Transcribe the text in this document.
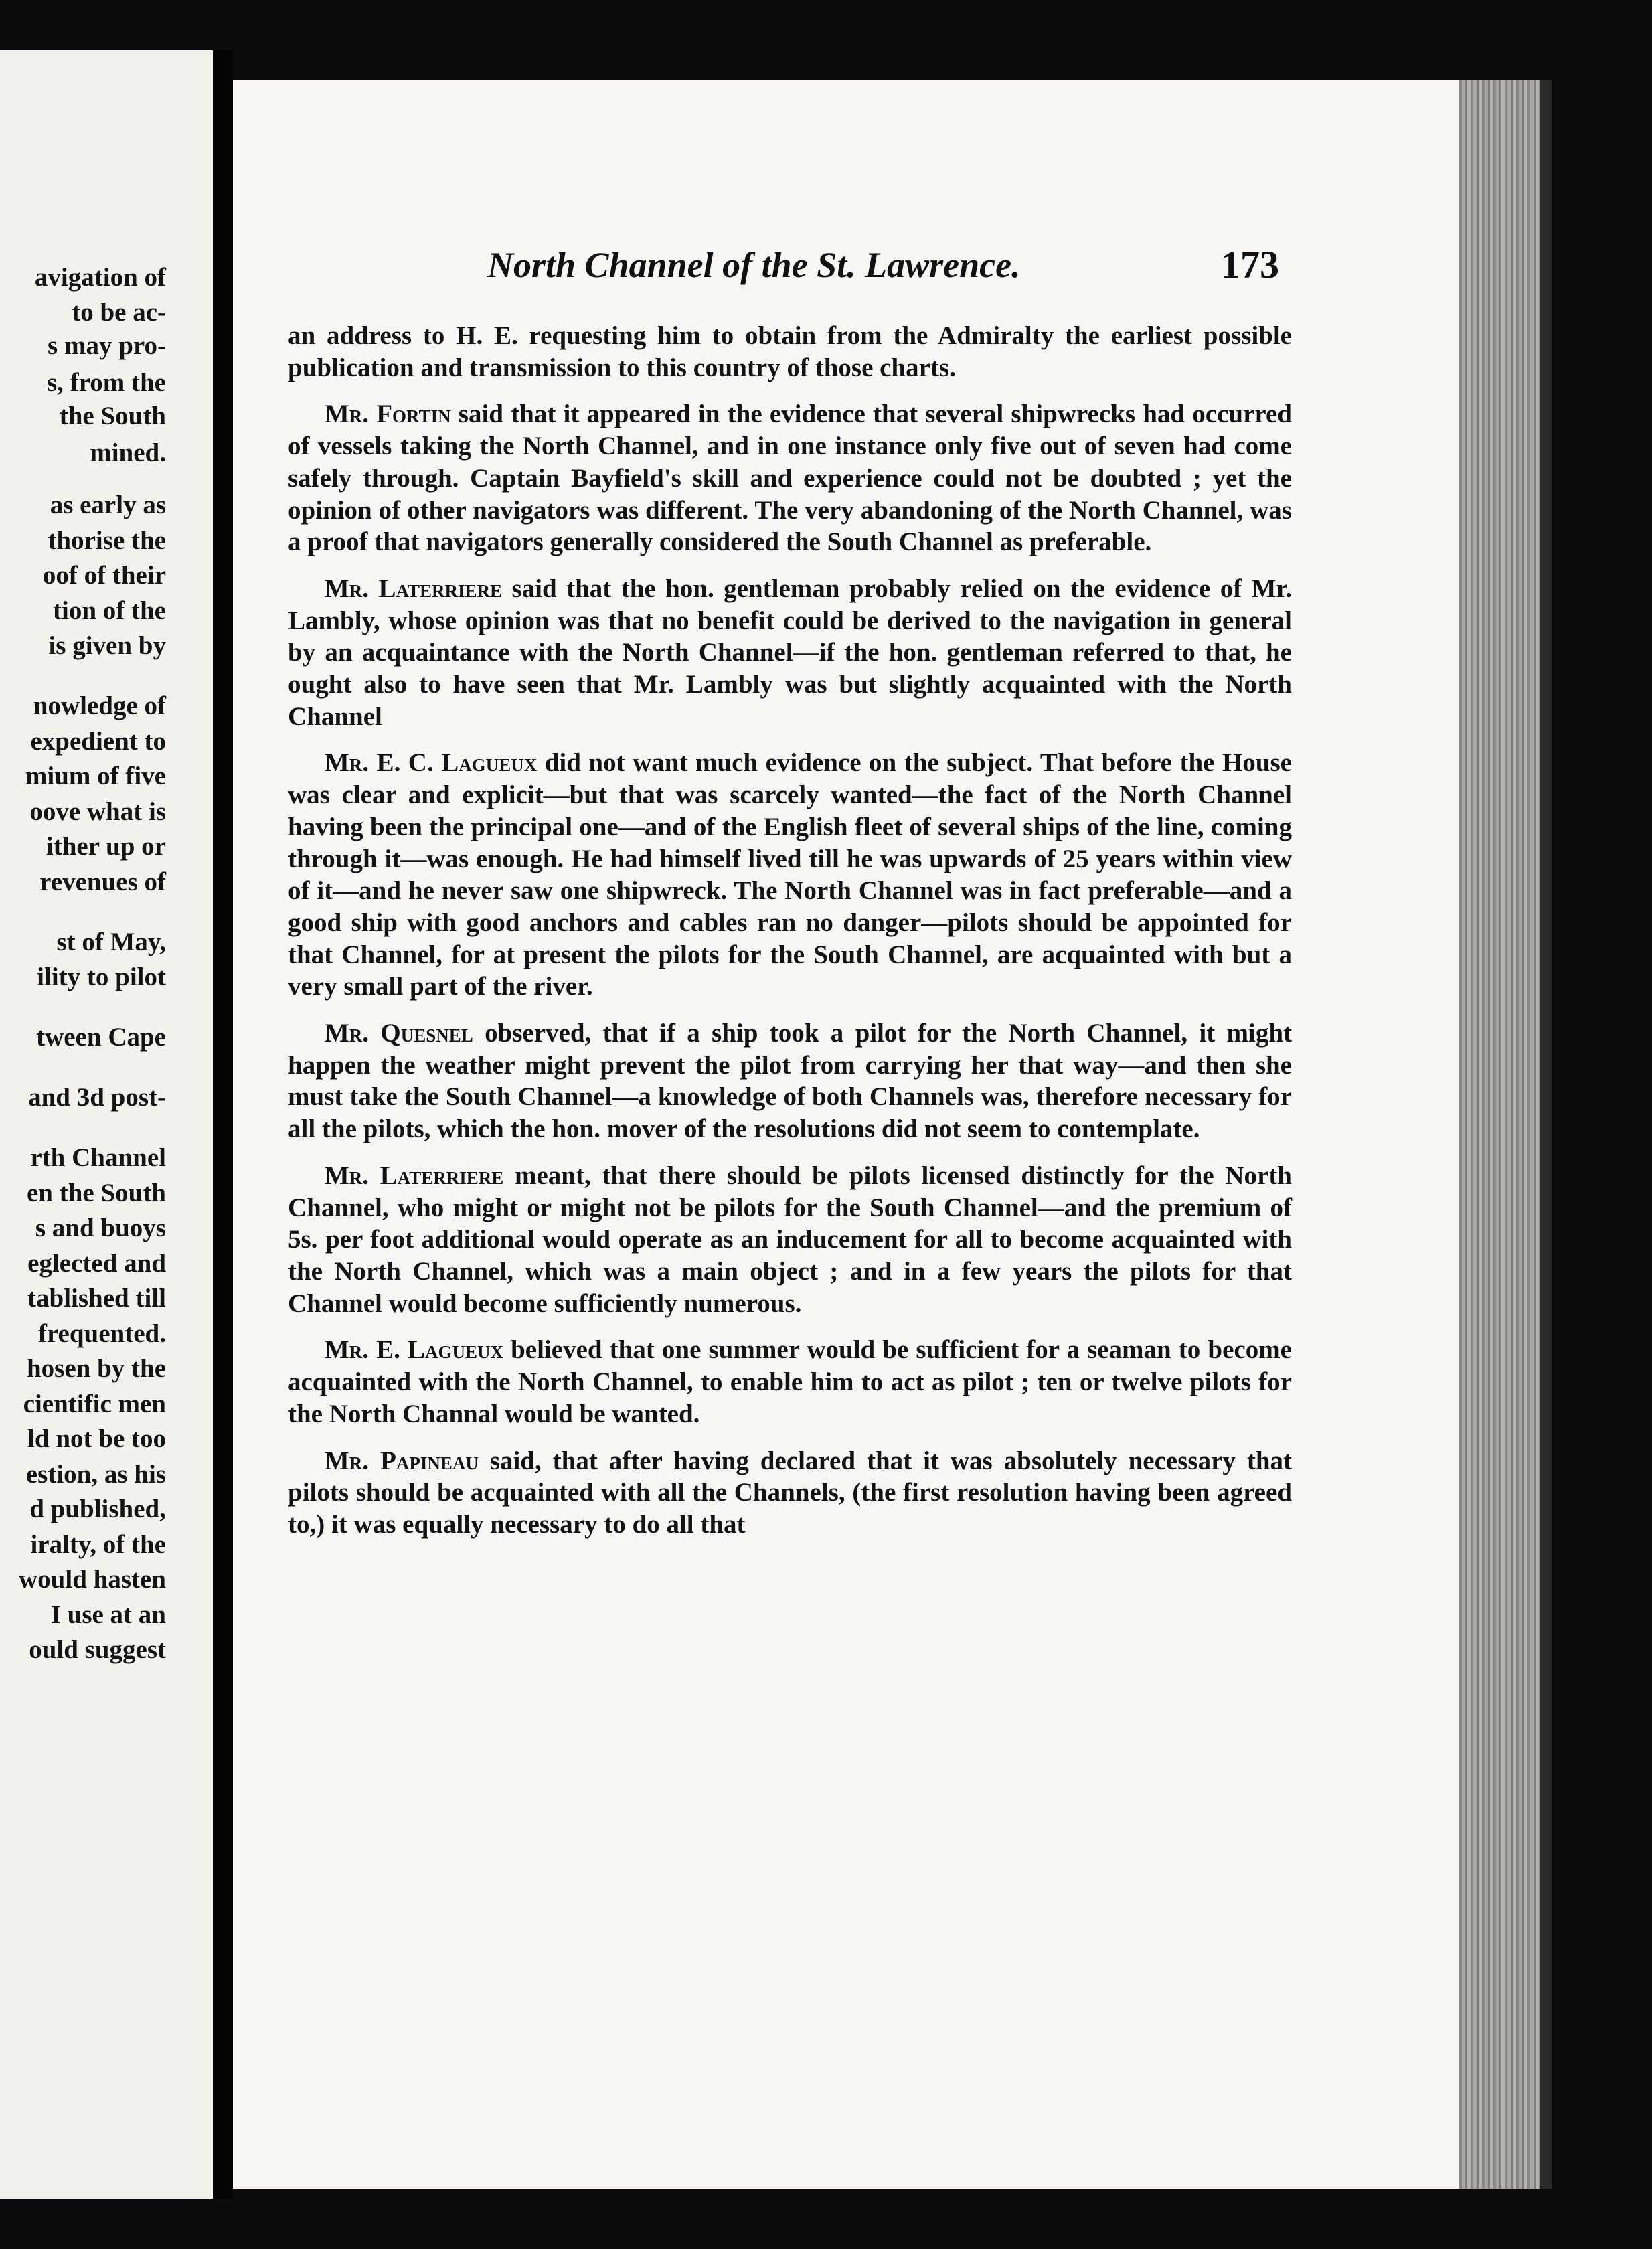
avigation of
to be ac-
s may pro-
s, from the
the South
mined.
as early as
thorise the
oof of their
tion of the
is given by
nowledge of
expedient to
mium of five
oove what is
ither up or
revenues of
st of May,
ility to pilot
tween Cape
and 3d post-
rth Channel
en the South
s and buoys
eglected and
tablished till
frequented.
hosen by the
cientific men
ld not be too
estion, as his
d published,
iralty, of the
would hasten
I use at an
ould suggest
North Channel of the St. Lawrence.	173

an address to H. E. requesting him to obtain from the Admiralty the earliest possible publication and transmission to this country of those charts.

Mr. Fortin said that it appeared in the evidence that several shipwrecks had occurred of vessels taking the North Channel, and in one instance only five out of seven had come safely through. Captain Bayfield's skill and experience could not be doubted ; yet the opinion of other navigators was different. The very abandoning of the North Channel, was a proof that navigators generally considered the South Channel as preferable.

Mr. Laterriere said that the hon. gentleman probably relied on the evidence of Mr. Lambly, whose opinion was that no benefit could be derived to the navigation in general by an acquaintance with the North Channel—if the hon. gentleman referred to that, he ought also to have seen that Mr. Lambly was but slightly acquainted with the North Channel

Mr. E. C. Lagueux did not want much evidence on the subject. That before the House was clear and explicit—but that was scarcely wanted—the fact of the North Channel having been the principal one—and of the English fleet of several ships of the line, coming through it—was enough. He had himself lived till he was upwards of 25 years within view of it—and he never saw one shipwreck. The North Channel was in fact preferable—and a good ship with good anchors and cables ran no danger—pilots should be appointed for that Channel, for at present the pilots for the South Channel, are acquainted with but a very small part of the river.

Mr. Quesnel observed, that if a ship took a pilot for the North Channel, it might happen the weather might prevent the pilot from carrying her that way—and then she must take the South Channel—a knowledge of both Channels was, therefore necessary for all the pilots, which the hon. mover of the resolutions did not seem to contemplate.

Mr. Laterriere meant, that there should be pilots licensed distinctly for the North Channel, who might or might not be pilots for the South Channel—and the premium of 5s. per foot additional would operate as an inducement for all to become acquainted with the North Channel, which was a main object ; and in a few years the pilots for that Channel would become sufficiently numerous.

Mr. E. Lagueux believed that one summer would be sufficient for a seaman to become acquainted with the North Channel, to enable him to act as pilot ; ten or twelve pilots for the North Channal would be wanted.

Mr. Papineau said, that after having declared that it was absolutely necessary that pilots should be acquainted with all the Channels, (the first resolution having been agreed to,) it was equally necessary to do all that
